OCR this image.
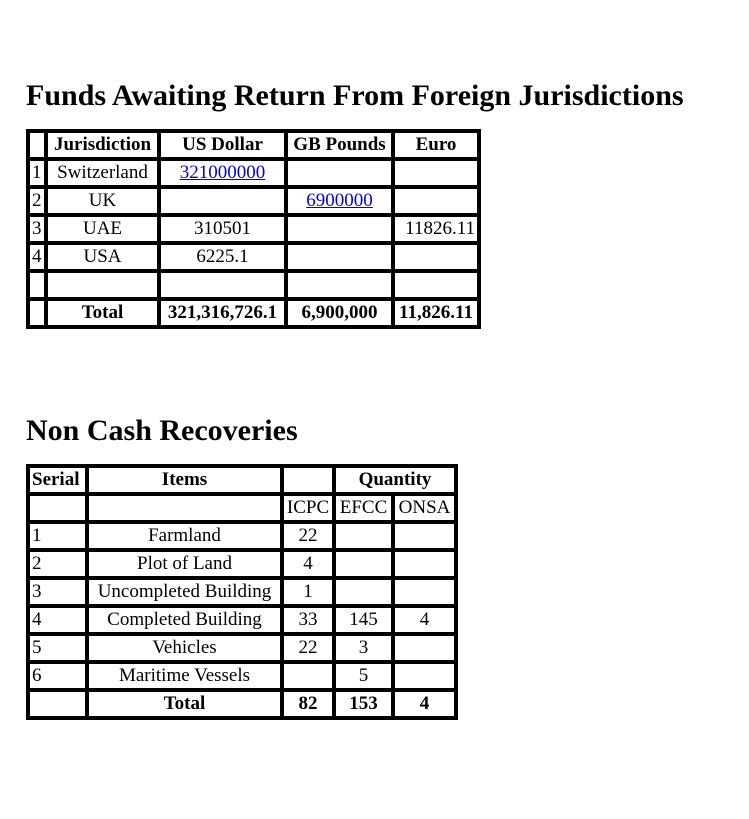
Funds Awaiting Return From Foreign Jurisdictions
	Jurisdiction	US Dollar	GB Pounds	Euro
1	Switzerland	321000000		
2	UK		6900000	
3	UAE	310501		11826.11
4	USA	6225.1		

	Total	321,316,726.1	6,900,000	11,826.11
Non Cash Recoveries
Serial	Items		Quantity	
		ICPC	EFCC	ONSA
1	Farmland	22		
2	Plot of Land	4		
3	Uncompleted Building	1		
4	Completed Building	33	145	4
5	Vehicles	22	3	
6	Maritime Vessels		5	
	Total	82	153	4
